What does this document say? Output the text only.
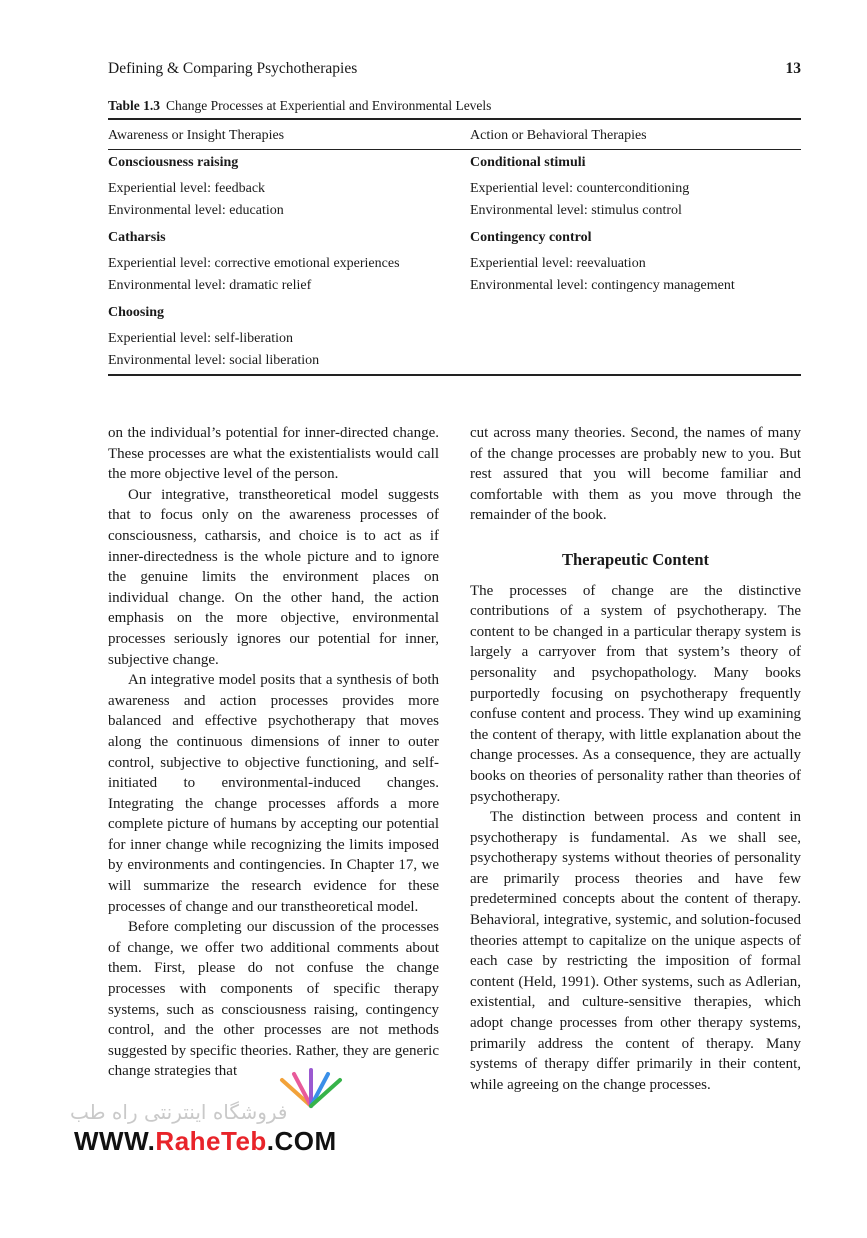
Defining & Comparing Psychotherapies	13
Table 1.3 Change Processes at Experiential and Environmental Levels
Awareness or Insight Therapies	Action or Behavioral Therapies
Consciousness raising
Experiential level: feedback
Environmental level: education
Catharsis
Experiential level: corrective emotional experiences
Environmental level: dramatic relief
Choosing
Experiential level: self-liberation
Environmental level: social liberation
Conditional stimuli
Experiential level: counterconditioning
Environmental level: stimulus control
Contingency control
Experiential level: reevaluation
Environmental level: contingency management

on the individual’s potential for inner-directed change. These processes are what the existentialists would call the more objective level of the person.

Our integrative, transtheoretical model suggests that to focus only on the awareness processes of consciousness, catharsis, and choice is to act as if inner-directedness is the whole picture and to ignore the genuine limits the environment places on individual change. On the other hand, the action emphasis on the more objective, environmental processes seriously ignores our potential for inner, subjective change.

An integrative model posits that a synthesis of both awareness and action processes provides more balanced and effective psychotherapy that moves along the continuous dimensions of inner to outer control, subjective to objective functioning, and self-initiated to environmental-induced changes. Integrating the change processes affords a more complete picture of humans by accepting our potential for inner change while recognizing the limits imposed by environments and contingencies. In Chapter 17, we will summarize the research evidence for these processes of change and our transtheoretical model.

Before completing our discussion of the processes of change, we offer two additional comments about them. First, please do not confuse the change processes with components of specific therapy systems, such as consciousness raising, contingency control, and the other processes are not methods suggested by specific theories. Rather, they are generic change strategies that

cut across many theories. Second, the names of many of the change processes are probably new to you. But rest assured that you will become familiar and comfortable with them as you move through the remainder of the book.

Therapeutic Content

The processes of change are the distinctive contributions of a system of psychotherapy. The content to be changed in a particular therapy system is largely a carryover from that system’s theory of personality and psychopathology. Many books purportedly focusing on psychotherapy frequently confuse content and process. They wind up examining the content of therapy, with little explanation about the change processes. As a consequence, they are actually books on theories of personality rather than theories of psychotherapy.

The distinction between process and content in psychotherapy is fundamental. As we shall see, psychotherapy systems without theories of personality are primarily process theories and have few predetermined concepts about the content of therapy. Behavioral, integrative, systemic, and solution-focused theories attempt to capitalize on the unique aspects of each case by restricting the imposition of formal content (Held, 1991). Other systems, such as Adlerian, existential, and culture-sensitive therapies, which adopt change processes from other therapy systems, primarily address the content of therapy. Many systems of therapy differ primarily in their content, while agreeing on the change processes.

فروشگاه اینترنتی راه طب
WWW.RaheTeb.COM
